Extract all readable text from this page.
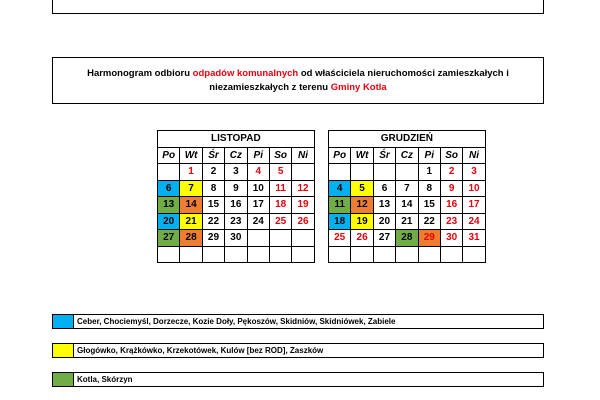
Harmonogram odbioru odpadów komunalnych od właściciela nieruchomości zamieszkałych i
niezamieszkałych z terenu Gminy Kotla
LISTOPAD						
Po	Wt	Śr	Cz	Pi	So	Ni
	1	2	3	4	5	
6	7	8	9	10	11	12
13	14	15	16	17	18	19
20	21	22	23	24	25	26
27	28	29	30			

GRUDZIEŃ						
Po	Wt	Śr	Cz	Pi	So	Ni
				1	2	3
4	5	6	7	8	9	10
11	12	13	14	15	16	17
18	19	20	21	22	23	24
25	26	27	28	29	30	31

Ceber, Chociemyśl, Dorzecze, Kozie Doły, Pękoszów, Skidniów, Skidniówek, Zabiele
Głogówko, Krążkówko, Krzekotówek, Kulów [bez ROD], Zaszków
Kotla, Skórzyn
